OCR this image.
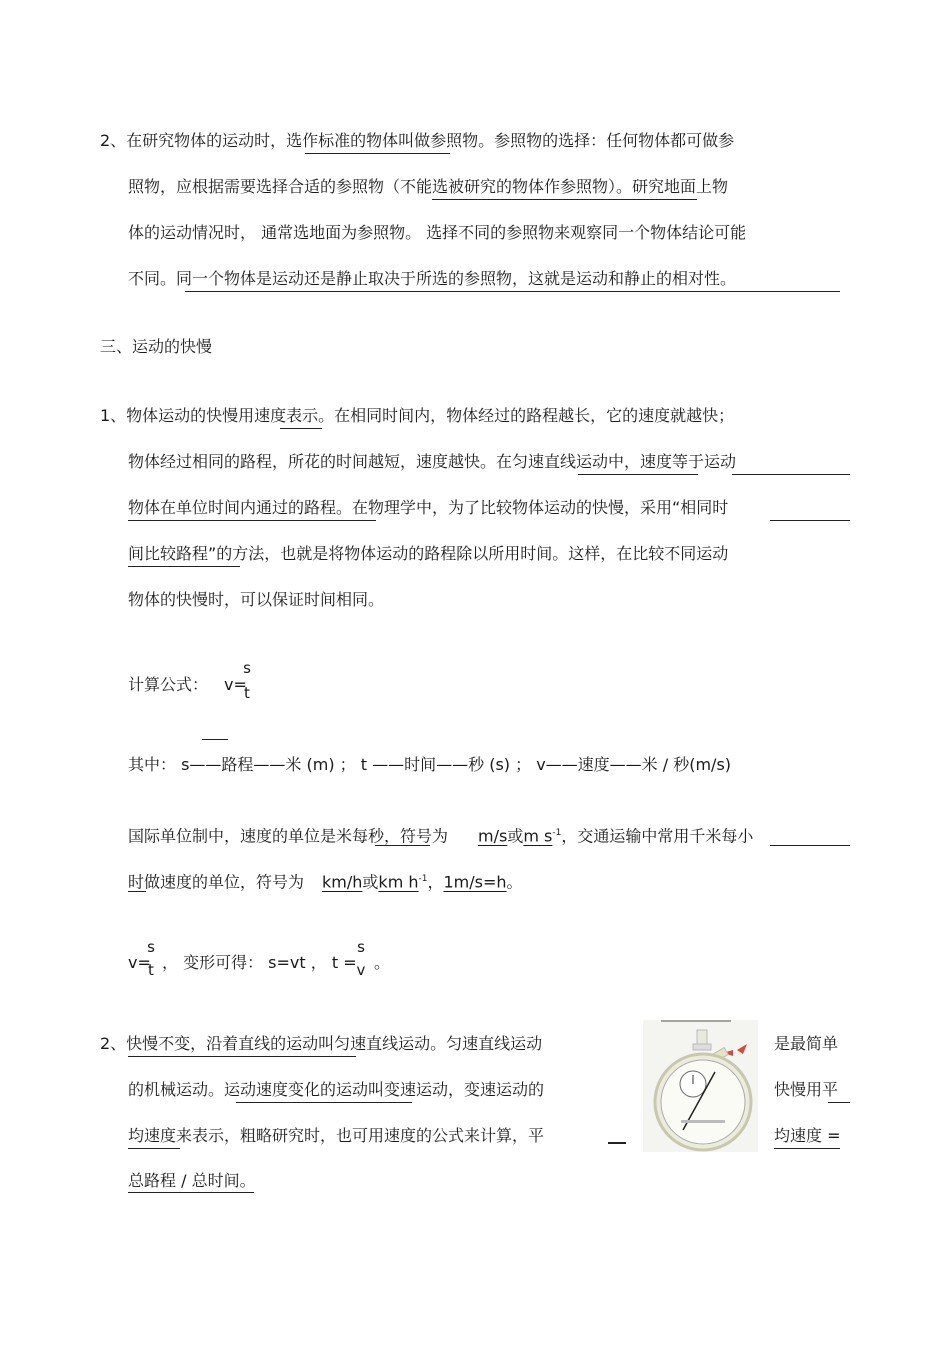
2、在研究物体的运动时，选作标准的物体叫做参照物。参照物的选择：任何物体都可做参
照物，应根据需要选择合适的参照物（不能选被研究的物体作参照物）。研究地面上物
体的运动情况时， 通常选地面为参照物。 选择不同的参照物来观察同一个物体结论可能
不同。同一个物体是运动还是静止取决于所选的参照物，这就是运动和静止的相对性。
三、运动的快慢
1、物体运动的快慢用速度表示。在相同时间内，物体经过的路程越长，它的速度就越快；
物体经过相同的路程，所花的时间越短，速度越快。在匀速直线运动中，速度等于运动
物体在单位时间内通过的路程。在物理学中，为了比较物体运动的快慢，采用“相同时
间比较路程”的方法，也就是将物体运动的路程除以所用时间。这样，在比较不同运动
物体的快慢时，可以保证时间相同。
计算公式： v=
s
t
其中： s——路程——米 (m) ； t ——时间——秒 (s) ； v——速度——米 / 秒(m/s)
国际单位制中，速度的单位是米每秒，符号为 m/s或m $s^{-1}$，交通运输中常用千米每小
时做速度的单位，符号为 km/h或km $h^{-1}$，1m/s=h。
v=
s
t ， 变形可得： s=vt ， t =
s
v 。
2、快慢不变，沿着直线的运动叫匀速直线运动。匀速直线运动	是最简单
的机械运动。运动速度变化的运动叫变速运动，变速运动的	快慢用平
均速度来表示，粗略研究时，也可用速度的公式来计算，平	均速度 =
总路程 / 总时间。
